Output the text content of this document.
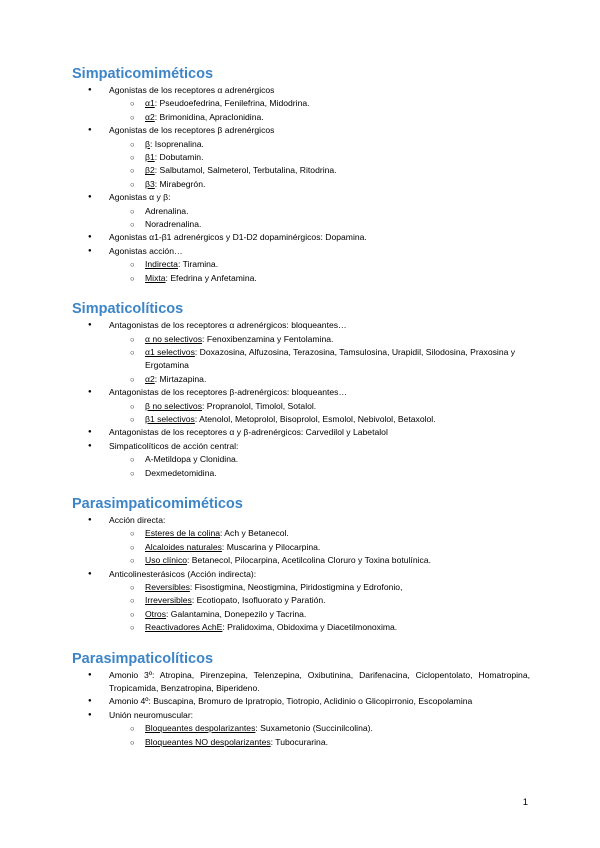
Simpaticomiméticos
● Agonistas de los receptores α adrenérgicos
○ α1: Pseudoefedrina, Fenilefrina, Midodrina.
○ α2: Brimonidina, Apraclonidina.
● Agonistas de los receptores β adrenérgicos
○ β: Isoprenalina.
○ β1: Dobutamin.
○ β2: Salbutamol, Salmeterol, Terbutalina, Ritodrina.
○ β3: Mirabegrón.
● Agonistas α y β:
○ Adrenalina.
○ Noradrenalina.
● Agonistas α1-β1 adrenérgicos y D1-D2 dopaminérgicos: Dopamina.
● Agonistas acción…
○ Indirecta: Tiramina.
○ Mixta: Efedrina y Anfetamina.
Simpaticolíticos
● Antagonistas de los receptores α adrenérgicos: bloqueantes…
○ α no selectivos: Fenoxibenzamina y Fentolamina.
○ α1 selectivos: Doxazosina, Alfuzosina, Terazosina, Tamsulosina, Urapidil, Silodosina, Praxosina y Ergotamina
○ α2: Mirtazapina.
● Antagonistas de los receptores β-adrenérgicos: bloqueantes…
○ β no selectivos: Propranolol, Timolol, Sotalol.
○ β1 selectivos: Atenolol, Metoprolol, Bisoprolol, Esmolol, Nebivolol, Betaxolol.
● Antagonistas de los receptores α y β-adrenérgicos: Carvedilol y Labetalol
● Simpaticolíticos de acción central:
○ A-Metildopa y Clonidina.
○ Dexmedetomidina.
Parasimpaticomiméticos
● Acción directa:
○ Esteres de la colina: Ach y Betanecol.
○ Alcaloides naturales: Muscarina y Pilocarpina.
○ Uso clínico: Betanecol, Pilocarpina, Acetilcolina Cloruro y Toxina botulínica.
● Anticolinesterásicos (Acción indirecta):
○ Reversibles: Fisostigmina, Neostigmina, Piridostigmina y Edrofonio,
○ Irreversibles: Ecotiopato, Isofluorato y Paratión.
○ Otros: Galantamina, Donepezilo y Tacrina.
○ Reactivadores AchE: Pralidoxima, Obidoxima y Diacetilmonoxima.
Parasimpaticolíticos
● Amonio 3º: Atropina, Pirenzepina, Telenzepina, Oxibutinina, Darifenacina, Ciclopentolato, Homatropina, Tropicamida, Benzatropina, Biperideno.
● Amonio 4º: Buscapina, Bromuro de Ipratropio, Tiotropio, Aclidinio o Glicopirronio, Escopolamina
● Unión neuromuscular:
○ Bloqueantes despolarizantes: Suxametonio (Succinilcolina).
○ Bloqueantes NO despolarizantes: Tubocurarina.
1
